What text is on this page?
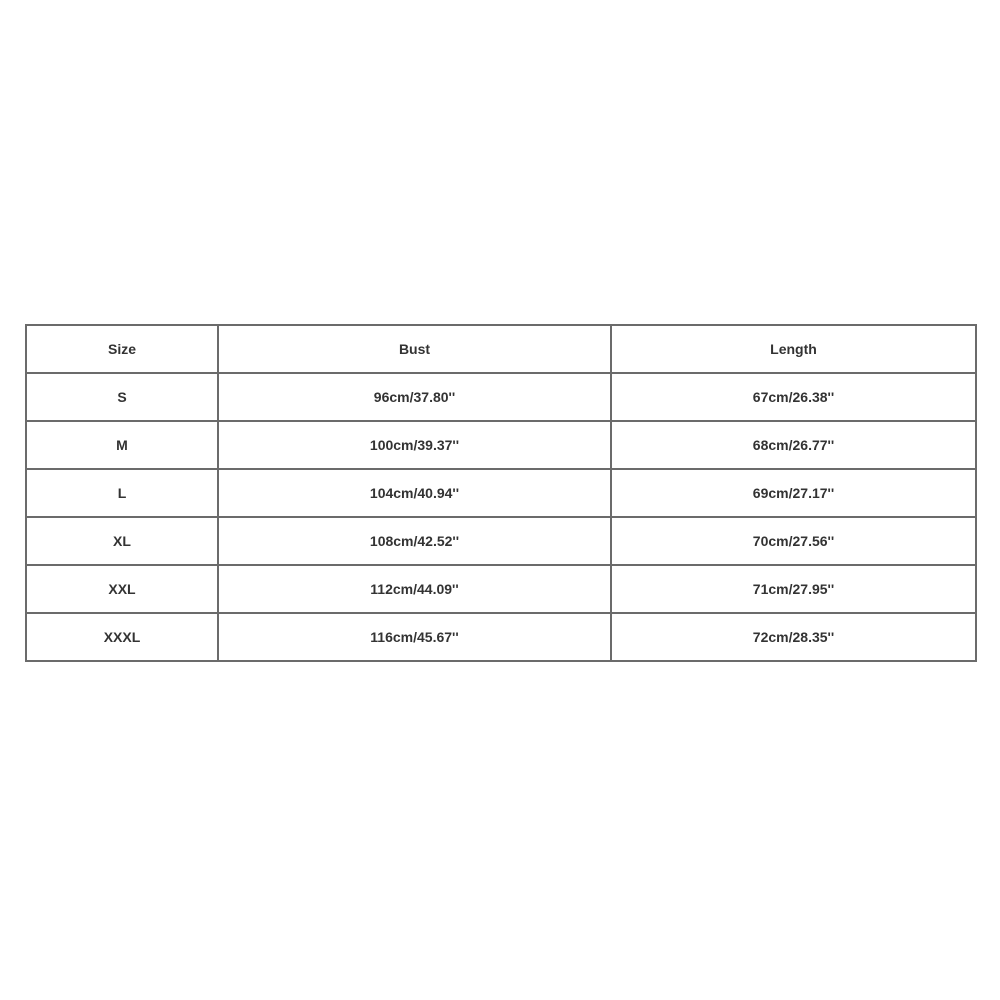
Size	Bust	Length
S	96cm/37.80''	67cm/26.38''
M	100cm/39.37''	68cm/26.77''
L	104cm/40.94''	69cm/27.17''
XL	108cm/42.52''	70cm/27.56''
XXL	112cm/44.09''	71cm/27.95''
XXXL	116cm/45.67''	72cm/28.35''
